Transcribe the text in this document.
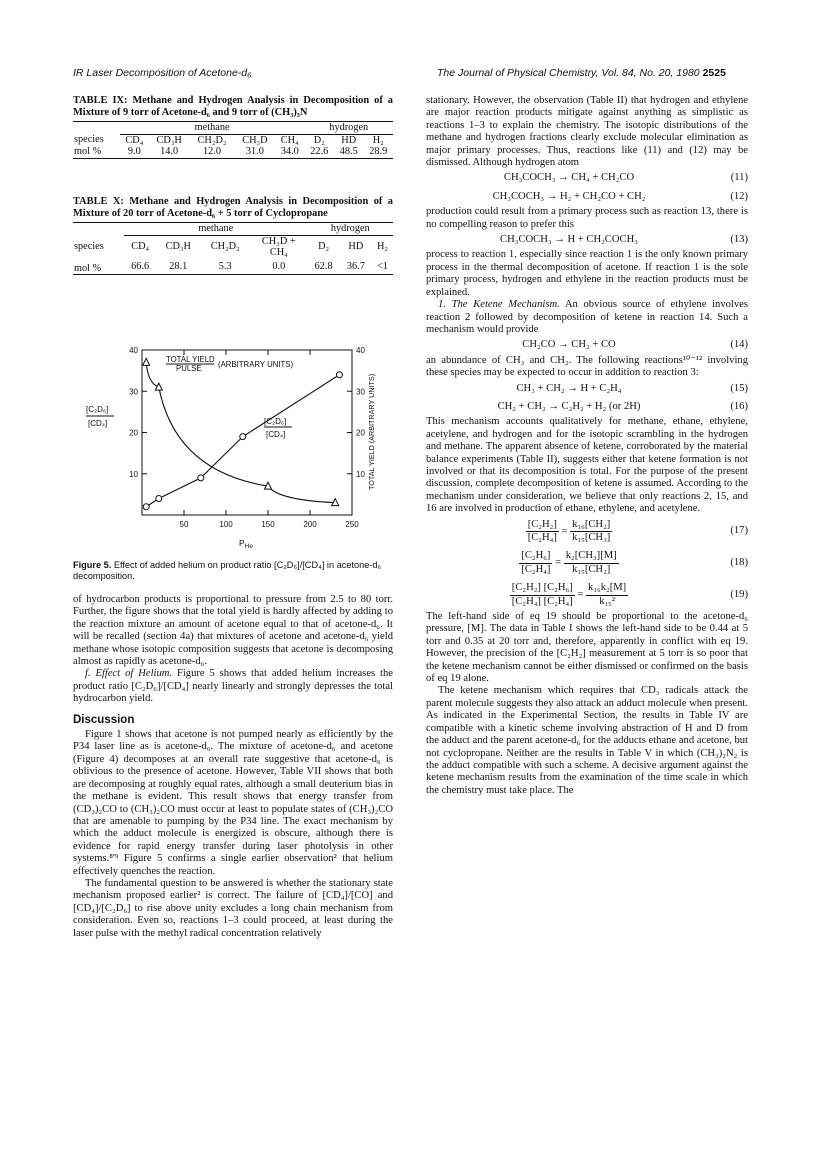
IR Laser Decomposition of Acetone-d₆	The Journal of Physical Chemistry, Vol. 84, No. 20, 1980 2525

TABLE IX: Methane and Hydrogen Analysis in Decomposition of a Mixture of 9 torr of Acetone-d₆ and 9 torr of (CH₃)₃N

	methane					hydrogen		
species	CD₄	CD₃H	CH₂D₂	CH₃D	CH₄	D₂	HD	H₂
mol %	9.0	14.0	12.0	31.0	34.0	22.6	48.5	28.9

TABLE X: Methane and Hydrogen Analysis in Decomposition of a Mixture of 20 torr of Acetone-d₆ + 5 torr of Cyclopropane

	methane				hydrogen		
species	CD₄	CD₃H	CH₂D₂	CH₃D +
CH₄	D₂	HD	H₂
mol %	66.6	28.1	5.3	0.0	62.8	36.7	<1
50	100	150	200	250
10	10
20	20
30	30
40	40
[C₂D₆]
[CD₄]	TOTAL YIELD (ARBITRARY UNITS)
TOTAL YIELD
PULSE (ARBITRARY UNITS)
[C₂D₆]
[CD₄]
$P_{He}$
Figure 5. Effect of added helium on product ratio [C₂D₆]/[CD₄] in acetone-d₆ decomposition.

of hydrocarbon products is proportional to pressure from 2.5 to 80 torr. Further, the figure shows that the total yield is hardly affected by adding to the reaction mixture an amount of acetone equal to that of acetone-d₆. It will be recalled (section 4a) that mixtures of acetone and acetone-d₆ yield methane whose isotopic composition suggests that acetone is decomposing almost as rapidly as acetone-d₆.

f. Effect of Helium. Figure 5 shows that added helium increases the product ratio [C₂D₆]/[CD₄] nearly linearly and strongly depresses the total hydrocarbon yield.

Discussion

Figure 1 shows that acetone is not pumped nearly as efficiently by the P34 laser line as is acetone-d₆. The mixture of acetone-d₆ and acetone (Figure 4) decomposes at an overall rate suggestive that acetone-d₆ is oblivious to the presence of acetone. However, Table VII shows that both are decomposing at roughly equal rates, although a small deuterium bias in the methane is evident. This result shows that energy transfer from (CD₃)₂CO to (CH₃)₂CO must occur at least to populate states of (CH₃)₂CO that are amenable to pumping by the P34 line. The exact mechanism by which the adduct molecule is energized is obscure, although there is evidence for rapid energy transfer during laser photolysis in other systems.⁸'⁹ Figure 5 confirms a single earlier observation² that helium effectively quenches the reaction.

The fundamental question to be answered is whether the stationary state mechanism proposed earlier² is correct. The failure of [CD₄]/[CO] and [CD₄]/[C₂D₆] to rise above unity excludes a long chain mechanism from consideration. Even so, reactions 1–3 could proceed, at least during the laser pulse with the methyl radical concentration relatively

stationary. However, the observation (Table II) that hydrogen and ethylene are major reaction products mitigate against anything as simplistic as reactions 1–3 to explain the chemistry. The isotopic distributions of the methane and hydrogen fractions clearly exclude molecular elimination as major primary processes. Thus, reactions like (11) and (12) may be dismissed. Although hydrogen atom

CH₃COCH₃ → CH₄ + CH₂CO	(11)
CH₃COCH₃ → H₂ + CH₂CO + CH₂	(12)

production could result from a primary process such as reaction 13, there is no compelling reason to prefer this

CH₃COCH₃ → H + CH₂COCH₃	(13)

process to reaction 1, especially since reaction 1 is the only known primary process in the thermal decomposition of acetone. If reaction 1 is the sole primary process, hydrogen and ethylene in the reaction products must be explained.

1. The Ketene Mechanism. An obvious source of ethylene involves reaction 2 followed by decomposition of ketene in reaction 14. Such a mechanism would provide

CH₂CO → CH₂ + CO	(14)

an abundance of CH₃ and CH₂. The following reactions¹⁰⁻¹² involving these species may be expected to occur in addition to reaction 3:

CH₃ + CH₂ → H + C₂H₄	(15)
CH₂ + CH₂ → C₂H₂ + H₂ (or 2H)	(16)

This mechanism accounts qualitatively for methane, ethane, ethylene, acetylene, and hydrogen and for the isotopic scrambling in the hydrogen and methane. The apparent absence of ketene, corroborated by the material balance experiments (Table II), suggests either that ketene formation is not involved or that its decomposition is total. For the purpose of the present discussion, complete decomposition of ketene is assumed. According to the mechanism under consideration, we believe that only reactions 2, 15, and 16 are involved in production of ethane, ethylene, and acetylene.

$\frac{\text{[C₂H₂]}}{\text{[C₂H₄]}} = \frac{\text{k₁₆[CH₂]}}{\text{k₁₅[CH₃]}}$	(17)
$\frac{\text{[C₂H₆]}}{\text{[C₂H₄]}} = \frac{\text{k₂[CH₃][M]}}{\text{k₁₅[CH₂]}}$	(18)
$\frac{\text{[C₂H₂] [C₂H₆]}}{\text{[C₂H₄] [C₂H₄]}} = \frac{\text{k₁₆k₂[M]}}{\text{k₁₅²}}$	(19)

The left-hand side of eq 19 should be proportional to the acetone-d₆ pressure, [M]. The data in Table I shows the left-hand side to be 0.44 at 5 torr and 0.35 at 20 torr and, therefore, apparently in conflict with eq 19. However, the precision of the [C₂H₂] measurement at 5 torr is so poor that the ketene mechanism cannot be either dismissed or confirmed on the basis of eq 19 alone.

The ketene mechanism which requires that CD₃ radicals attack the parent molecule suggests they also attack an adduct molecule when present. As indicated in the Experimental Section, the results in Table IV are compatible with a kinetic scheme involving abstraction of H and D from the adduct and the parent acetone-d₆ for the adducts ethane and acetone, but not cyclopropane. Neither are the results in Table V in which (CH₃)₂N₂ is the adduct compatible with such a scheme. A decisive argument against the ketene mechanism results from the examination of the time scale in which the chemistry must take place. The
